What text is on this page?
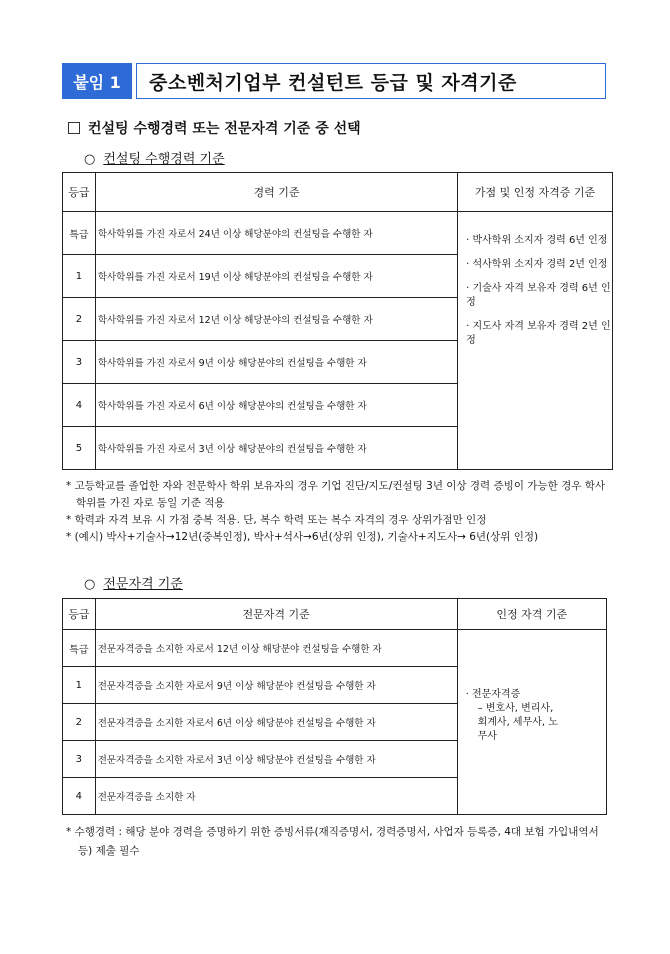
붙임 1	중소벤처기업부 컨설턴트 등급 및 자격기준
컨설팅 수행경력 또는 전문자격 기준 중 선택
○ 컨설팅 수행경력 기준
등급	경력 기준	가점 및 인정 자격증 기준
특급	학사학위를 가진 자로서 24년 이상 해당분야의 컨설팅을 수행한 자	· 박사학위 소지자 경력 6년 인정

· 석사학위 소지자 경력 2년 인정

· 기술사 자격 보유자 경력 6년 인정

· 지도사 자격 보유자 경력 2년 인정

1	학사학위를 가진 자로서 19년 이상 해당분야의 컨설팅을 수행한 자	
2	학사학위를 가진 자로서 12년 이상 해당분야의 컨설팅을 수행한 자	
3	학사학위를 가진 자로서 9년 이상 해당분야의 컨설팅을 수행한 자	
4	학사학위를 가진 자로서 6년 이상 해당분야의 컨설팅을 수행한 자	
5	학사학위를 가진 자로서 3년 이상 해당분야의 컨설팅을 수행한 자	
* 고등학교를 졸업한 자와 전문학사 학위 보유자의 경우 기업 진단/지도/컨설팅 3년 이상 경력 증빙이 가능한 경우 학사학위를 가진 자로 동일 기준 적용
* 학력과 자격 보유 시 가점 중복 적용. 단, 복수 학력 또는 복수 자격의 경우 상위가점만 인정
* (예시) 박사+기술사→12년(중복인정), 박사+석사→6년(상위 인정), 기술사+지도사→ 6년(상위 인정)
○ 전문자격 기준
등급	전문자격 기준	인정 자격 기준
특급	전문자격증을 소지한 자로서 12년 이상 해당분야 컨설팅을 수행한 자	· 전문자격증
– 변호사, 변리사, 회계사, 세무사, 노무사

1	전문자격증을 소지한 자로서 9년 이상 해당분야 컨설팅을 수행한 자	
2	전문자격증을 소지한 자로서 6년 이상 해당분야 컨설팅을 수행한 자	
3	전문자격증을 소지한 자로서 3년 이상 해당분야 컨설팅을 수행한 자	
4	전문자격증을 소지한 자	
* 수행경력 : 해당 분야 경력을 증명하기 위한 증빙서류(재직증명서, 경력증명서, 사업자 등록증, 4대 보험 가입내역서 등) 제출 필수
